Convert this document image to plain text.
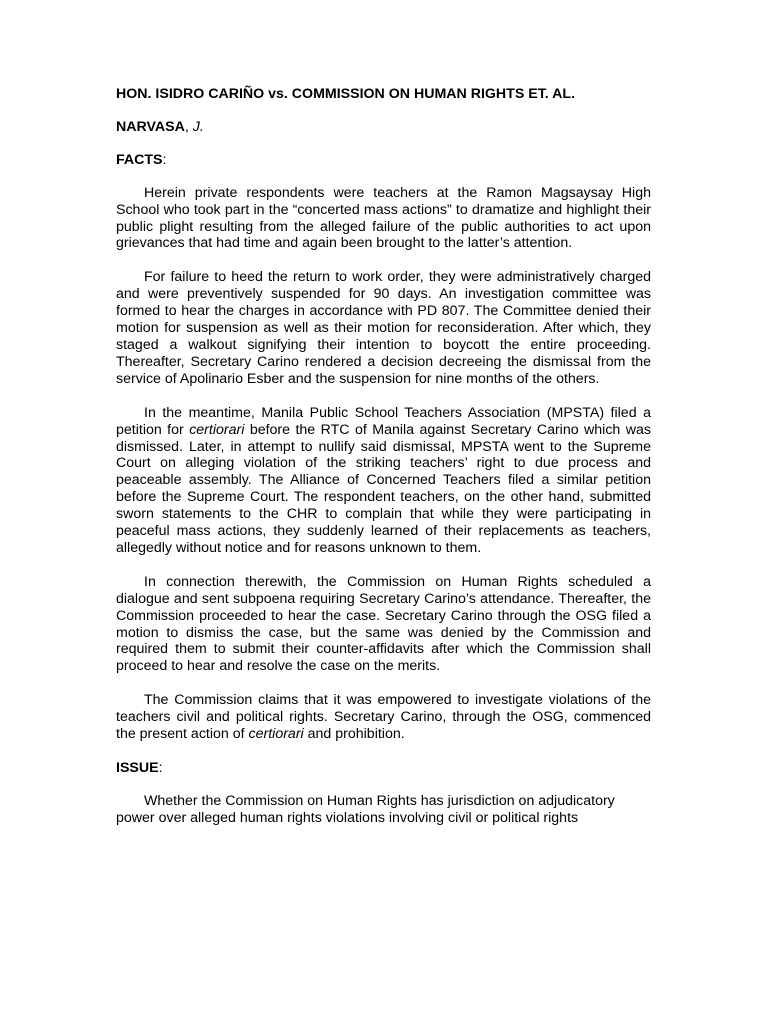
HON. ISIDRO CARIÑO vs. COMMISSION ON HUMAN RIGHTS ET. AL.
NARVASA, J.
FACTS:

Herein private respondents were teachers at the Ramon Magsaysay High School who took part in the “concerted mass actions” to dramatize and highlight their public plight resulting from the alleged failure of the public authorities to act upon grievances that had time and again been brought to the latter’s attention.

For failure to heed the return to work order, they were administratively charged and were preventively suspended for 90 days. An investigation committee was formed to hear the charges in accordance with PD 807. The Committee denied their motion for suspension as well as their motion for reconsideration. After which, they staged a walkout signifying their intention to boycott the entire proceeding. Thereafter, Secretary Carino rendered a decision decreeing the dismissal from the service of Apolinario Esber and the suspension for nine months of the others.

In the meantime, Manila Public School Teachers Association (MPSTA) filed a petition for certiorari before the RTC of Manila against Secretary Carino which was dismissed. Later, in attempt to nullify said dismissal, MPSTA went to the Supreme Court on alleging violation of the striking teachers’ right to due process and peaceable assembly. The Alliance of Concerned Teachers filed a similar petition before the Supreme Court. The respondent teachers, on the other hand, submitted sworn statements to the CHR to complain that while they were participating in peaceful mass actions, they suddenly learned of their replacements as teachers, allegedly without notice and for reasons unknown to them.

In connection therewith, the Commission on Human Rights scheduled a dialogue and sent subpoena requiring Secretary Carino’s attendance. Thereafter, the Commission proceeded to hear the case. Secretary Carino through the OSG filed a motion to dismiss the case, but the same was denied by the Commission and required them to submit their counter-affidavits after which the Commission shall proceed to hear and resolve the case on the merits.

The Commission claims that it was empowered to investigate violations of the teachers civil and political rights. Secretary Carino, through the OSG, commenced the present action of certiorari and prohibition.

ISSUE:

Whether the Commission on Human Rights has jurisdiction on adjudicatory power over alleged human rights violations involving civil or political rights
